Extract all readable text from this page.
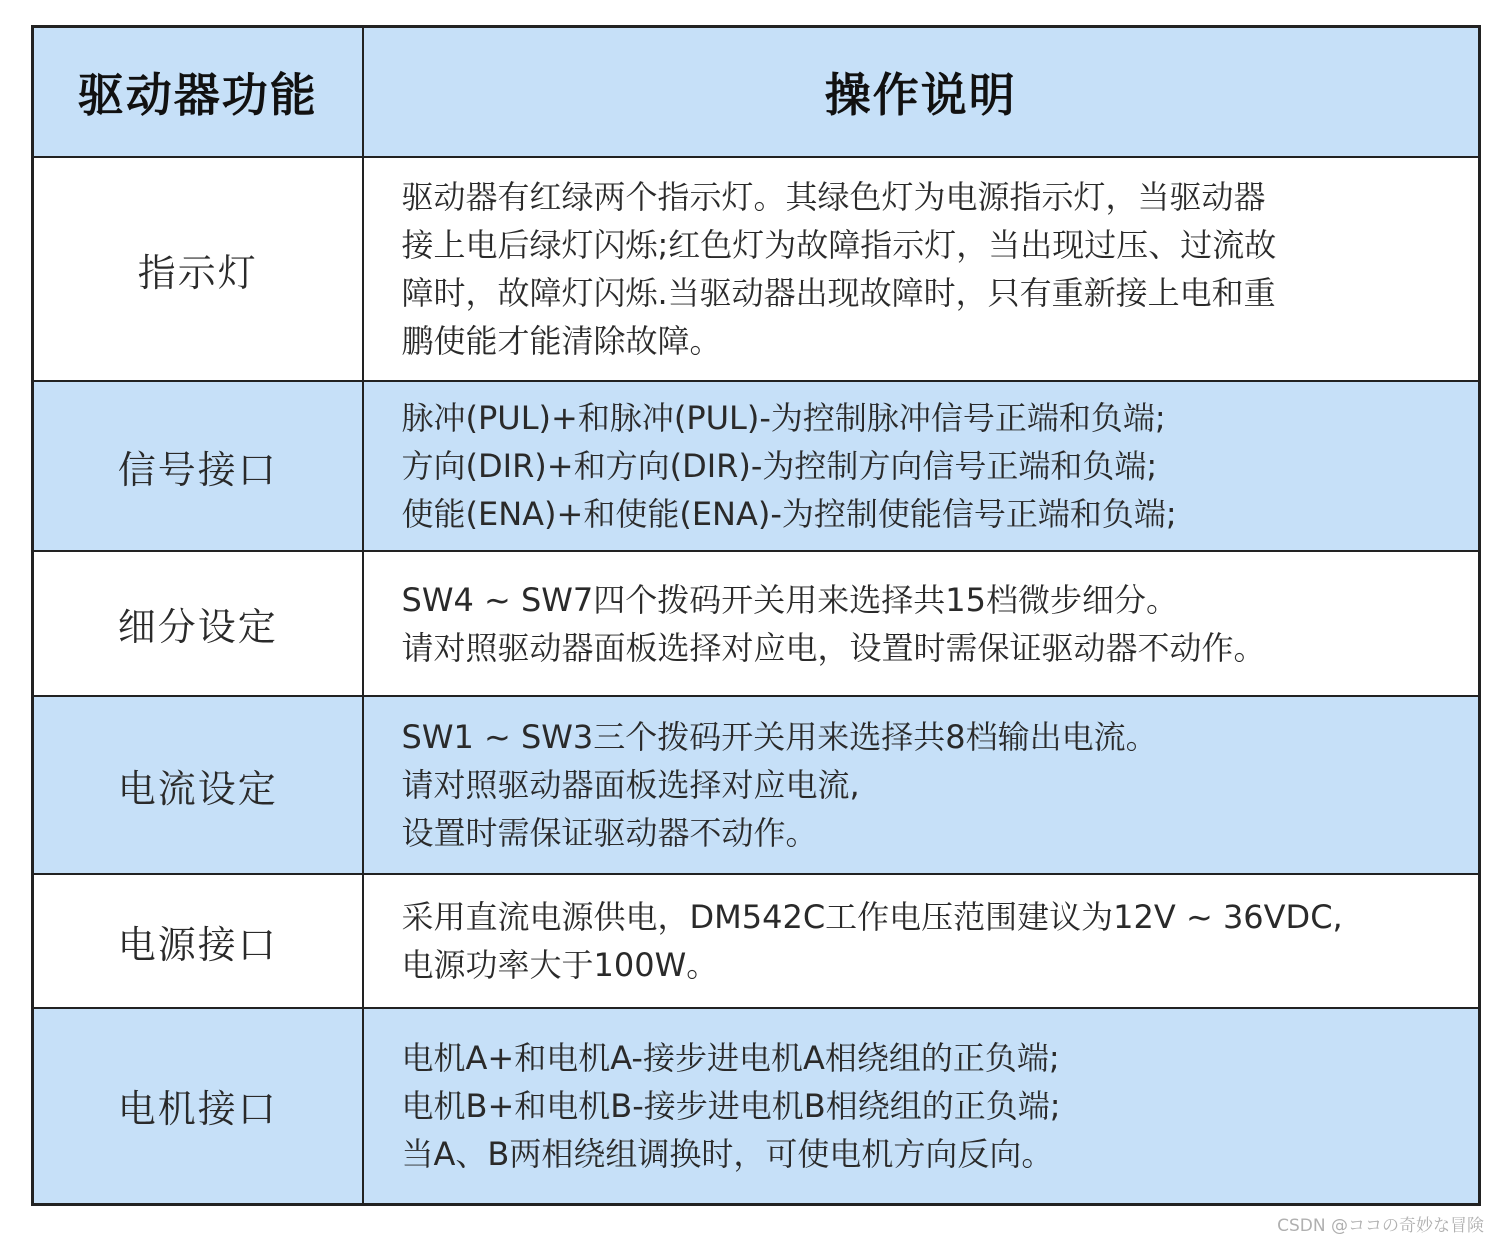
驱动器功能	操作说明
指示灯	驱动器有红绿两个指示灯。其绿色灯为电源指示灯，当驱动器
接上电后绿灯闪烁;红色灯为故障指示灯，当出现过压、过流故
障时，故障灯闪烁.当驱动器出现故障时，只有重新接上电和重
鹏使能才能清除故障。

信号接口	脉冲(PUL)+和脉冲(PUL)-为控制脉冲信号正端和负端;
方向(DIR)+和方向(DIR)-为控制方向信号正端和负端;
使能(ENA)+和使能(ENA)-为控制使能信号正端和负端;

细分设定	SW4 ~ SW7四个拨码开关用来选择共15档微步细分。
请对照驱动器面板选择对应电，设置时需保证驱动器不动作。

电流设定	SW1 ~ SW3三个拨码开关用来选择共8档输出电流。
请对照驱动器面板选择对应电流,
设置时需保证驱动器不动作。

电源接口	采用直流电源供电，DM542C工作电压范围建议为12V ~ 36VDC,
电源功率大于100W。

电机接口	电机A+和电机A-接步进电机A相绕组的正负端;
电机B+和电机B-接步进电机B相绕组的正负端;
当A、B两相绕组调换时，可使电机方向反向。
CSDN @ココの奇妙な冒険
